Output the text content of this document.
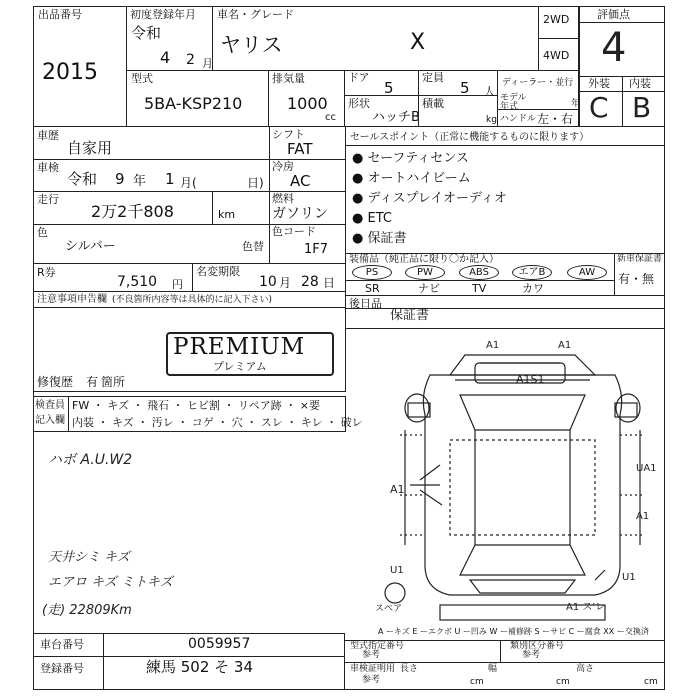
出品番号
2015
初度登録年月
令和
4 2 月
車名・グレード
ヤリス	X
2WD
4WD
評価点
4
外装 内装
C B
型式
5BA-KSP210
排気量
1000
cc
ドア
5
定員
5 人
ディーラー・並行
モデル年式	年
ハンドル 左・右
形状
ハッチB
積載
kg
車歴
自家用
シフト
FAT
車検
令和 9 年 1 月(	日)
冷房
AC
走行
2万2千808	km
燃料
ガソリン
色
シルバー	色替
色コード
1F7
R券
7,510 円
名変期限
10 月 28 日
セールスポイント（正常に機能するものに限ります）
● セーフティセンス
● オートハイビーム
● ディスプレイオーディオ
● ETC
● 保証書
装備品（純正品に限り〇か記入）
PS	PW	ABS	エアB	AW
SR	ナビ	TV	カワ
新車保証書
有・無
後日品
保証書
注意事項申告欄 (不良箇所内容等は具体的に記入下さい)
PREMIUM
プレミアム
修復歴 有 箇所
検査員
記入欄
FW ・ キズ ・ 飛石 ・ ヒビ割 ・ リペア跡 ・ ×要
内装 ・ キズ ・ 汚レ ・ コゲ ・ 穴 ・ スレ ・ キレ ・ 破レ
ハボ A.U.W2
天井シミ キズ
エアロ キズ ミトキズ
(走) 22809Km
A1	A1
A1S1
UA1
A1
A1
U1
U1
A1 ス'レ
スペア
A ーキズ E ーエクボ U ー凹み W ー補修跡 S ーサビ C ー腐食 XX ー交換済
車台番号	0059957
登録番号	練馬 502 そ 34
型式指定番号
参考
類別区分番号
参考
車検証明用
参考
長さ	幅	高さ
cm	cm	cm
